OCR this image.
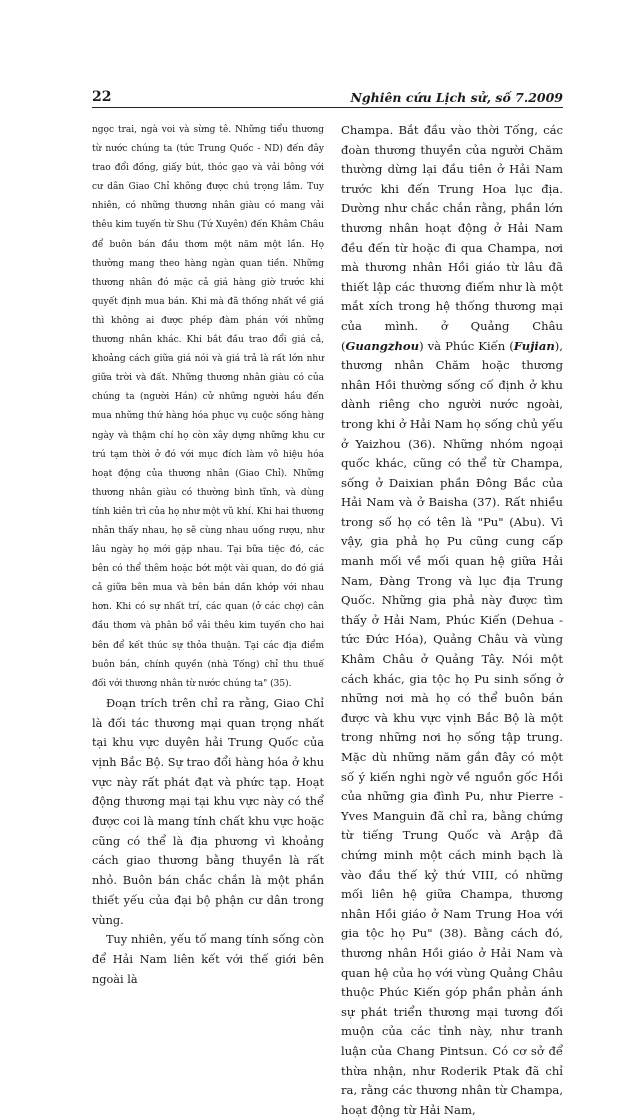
22	Nghiên cứu Lịch sử, số 7.2009

ngọc trai, ngà voi và sừng tê. Những tiểu thương từ nước chúng ta (tức Trung Quốc - ND) đến đây trao đổi đồng, giấy bút, thóc gạo và vải bông với cư dân Giao Chỉ không được chú trọng lắm. Tuy nhiên, có những thương nhân giàu có mang vải thêu kim tuyến từ Shu (Tứ Xuyên) đến Khâm Châu để buôn bán đầu thơm một năm một lần. Họ thường mang theo hàng ngàn quan tiền. Những thương nhân đó mặc cả giá hàng giờ trước khi quyết định mua bán. Khi mà đã thống nhất về giá thì không ai được phép đàm phán với những thương nhân khác. Khi bắt đầu trao đổi giá cả, khoảng cách giữa giá nói và giá trả là rất lớn như giữa trời và đất. Những thương nhân giàu có của chúng ta (người Hán) cử những người hầu đến mua những thứ hàng hóa phục vụ cuộc sống hàng ngày và thậm chí họ còn xây dựng những khu cư trú tạm thời ở đó với mục đích làm vô hiệu hóa hoạt động của thương nhân (Giao Chỉ). Những thương nhân giàu có thường bình tĩnh, và dùng tính kiên trì của họ như một vũ khí. Khi hai thương nhân thấy nhau, họ sẽ cùng nhau uống rượu, như lâu ngày họ mới gặp nhau. Tại bữa tiệc đó, các bên có thể thêm hoặc bớt một vài quan, do đó giá cả giữa bên mua và bên bán dần khớp với nhau hơn. Khi có sự nhất trí, các quan (ở các chợ) cân đầu thơm và phân bổ vải thêu kim tuyến cho hai bên để kết thúc sự thỏa thuận. Tại các địa điểm buôn bán, chính quyền (nhà Tống) chỉ thu thuế đối với thương nhân từ nước chúng ta" (35).

Đoạn trích trên chỉ ra rằng, Giao Chỉ là đối tác thương mại quan trọng nhất tại khu vực duyên hải Trung Quốc của vịnh Bắc Bộ. Sự trao đổi hàng hóa ở khu vực này rất phát đạt và phức tạp. Hoạt động thương mại tại khu vực này có thể được coi là mang tính chất khu vực hoặc cũng có thể là địa phương vì khoảng cách giao thương bằng thuyền là rất nhỏ. Buôn bán chắc chắn là một phần thiết yếu của đại bộ phận cư dân trong vùng.

Tuy nhiên, yếu tố mang tính sống còn để Hải Nam liên kết với thế giới bên ngoài là

Champa. Bắt đầu vào thời Tống, các đoàn thương thuyền của người Chăm thường dừng lại đầu tiên ở Hải Nam trước khi đến Trung Hoa lục địa. Dường như chắc chắn rằng, phần lớn thương nhân hoạt động ở Hải Nam đều đến từ hoặc đi qua Champa, nơi mà thương nhân Hồi giáo từ lâu đã thiết lập các thương điếm như là một mắt xích trong hệ thống thương mại của mình. ở Quảng Châu (Guangzhou) và Phúc Kiến (Fujian), thương nhân Chăm hoặc thương nhân Hồi thường sống cố định ở khu dành riêng cho người nước ngoài, trong khi ở Hải Nam họ sống chủ yếu ở Yaizhou (36). Những nhóm ngoại quốc khác, cũng có thể từ Champa, sống ở Daixian phần Đông Bắc của Hải Nam và ở Baisha (37). Rất nhiều trong số họ có tên là "Pu" (Abu). Vì vậy, gia phả họ Pu cũng cung cấp manh mối về mối quan hệ giữa Hải Nam, Đàng Trong và lục địa Trung Quốc. Những gia phả này được tìm thấy ở Hải Nam, Phúc Kiến (Dehua - tức Đức Hóa), Quảng Châu và vùng Khâm Châu ở Quảng Tây. Nói một cách khác, gia tộc họ Pu sinh sống ở những nơi mà họ có thể buôn bán được và khu vực vịnh Bắc Bộ là một trong những nơi họ sống tập trung. Mặc dù những năm gần đây có một số ý kiến nghi ngờ về nguồn gốc Hồi của những gia đình Pu, như Pierre - Yves Manguin đã chỉ ra, bằng chứng từ tiếng Trung Quốc và Arập đã chứng minh một cách minh bạch là vào đầu thế kỷ thứ VIII, có những mối liên hệ giữa Champa, thương nhân Hồi giáo ở Nam Trung Hoa với gia tộc họ Pu" (38). Bằng cách đó, thương nhân Hồi giáo ở Hải Nam và quan hệ của họ với vùng Quảng Châu thuộc Phúc Kiến góp phần phản ánh sự phát triển thương mại tương đối muộn của các tỉnh này, như tranh luận của Chang Pintsun. Có cơ sở để thừa nhận, như Roderik Ptak đã chỉ ra, rằng các thương nhân từ Champa, hoạt động từ Hải Nam,
